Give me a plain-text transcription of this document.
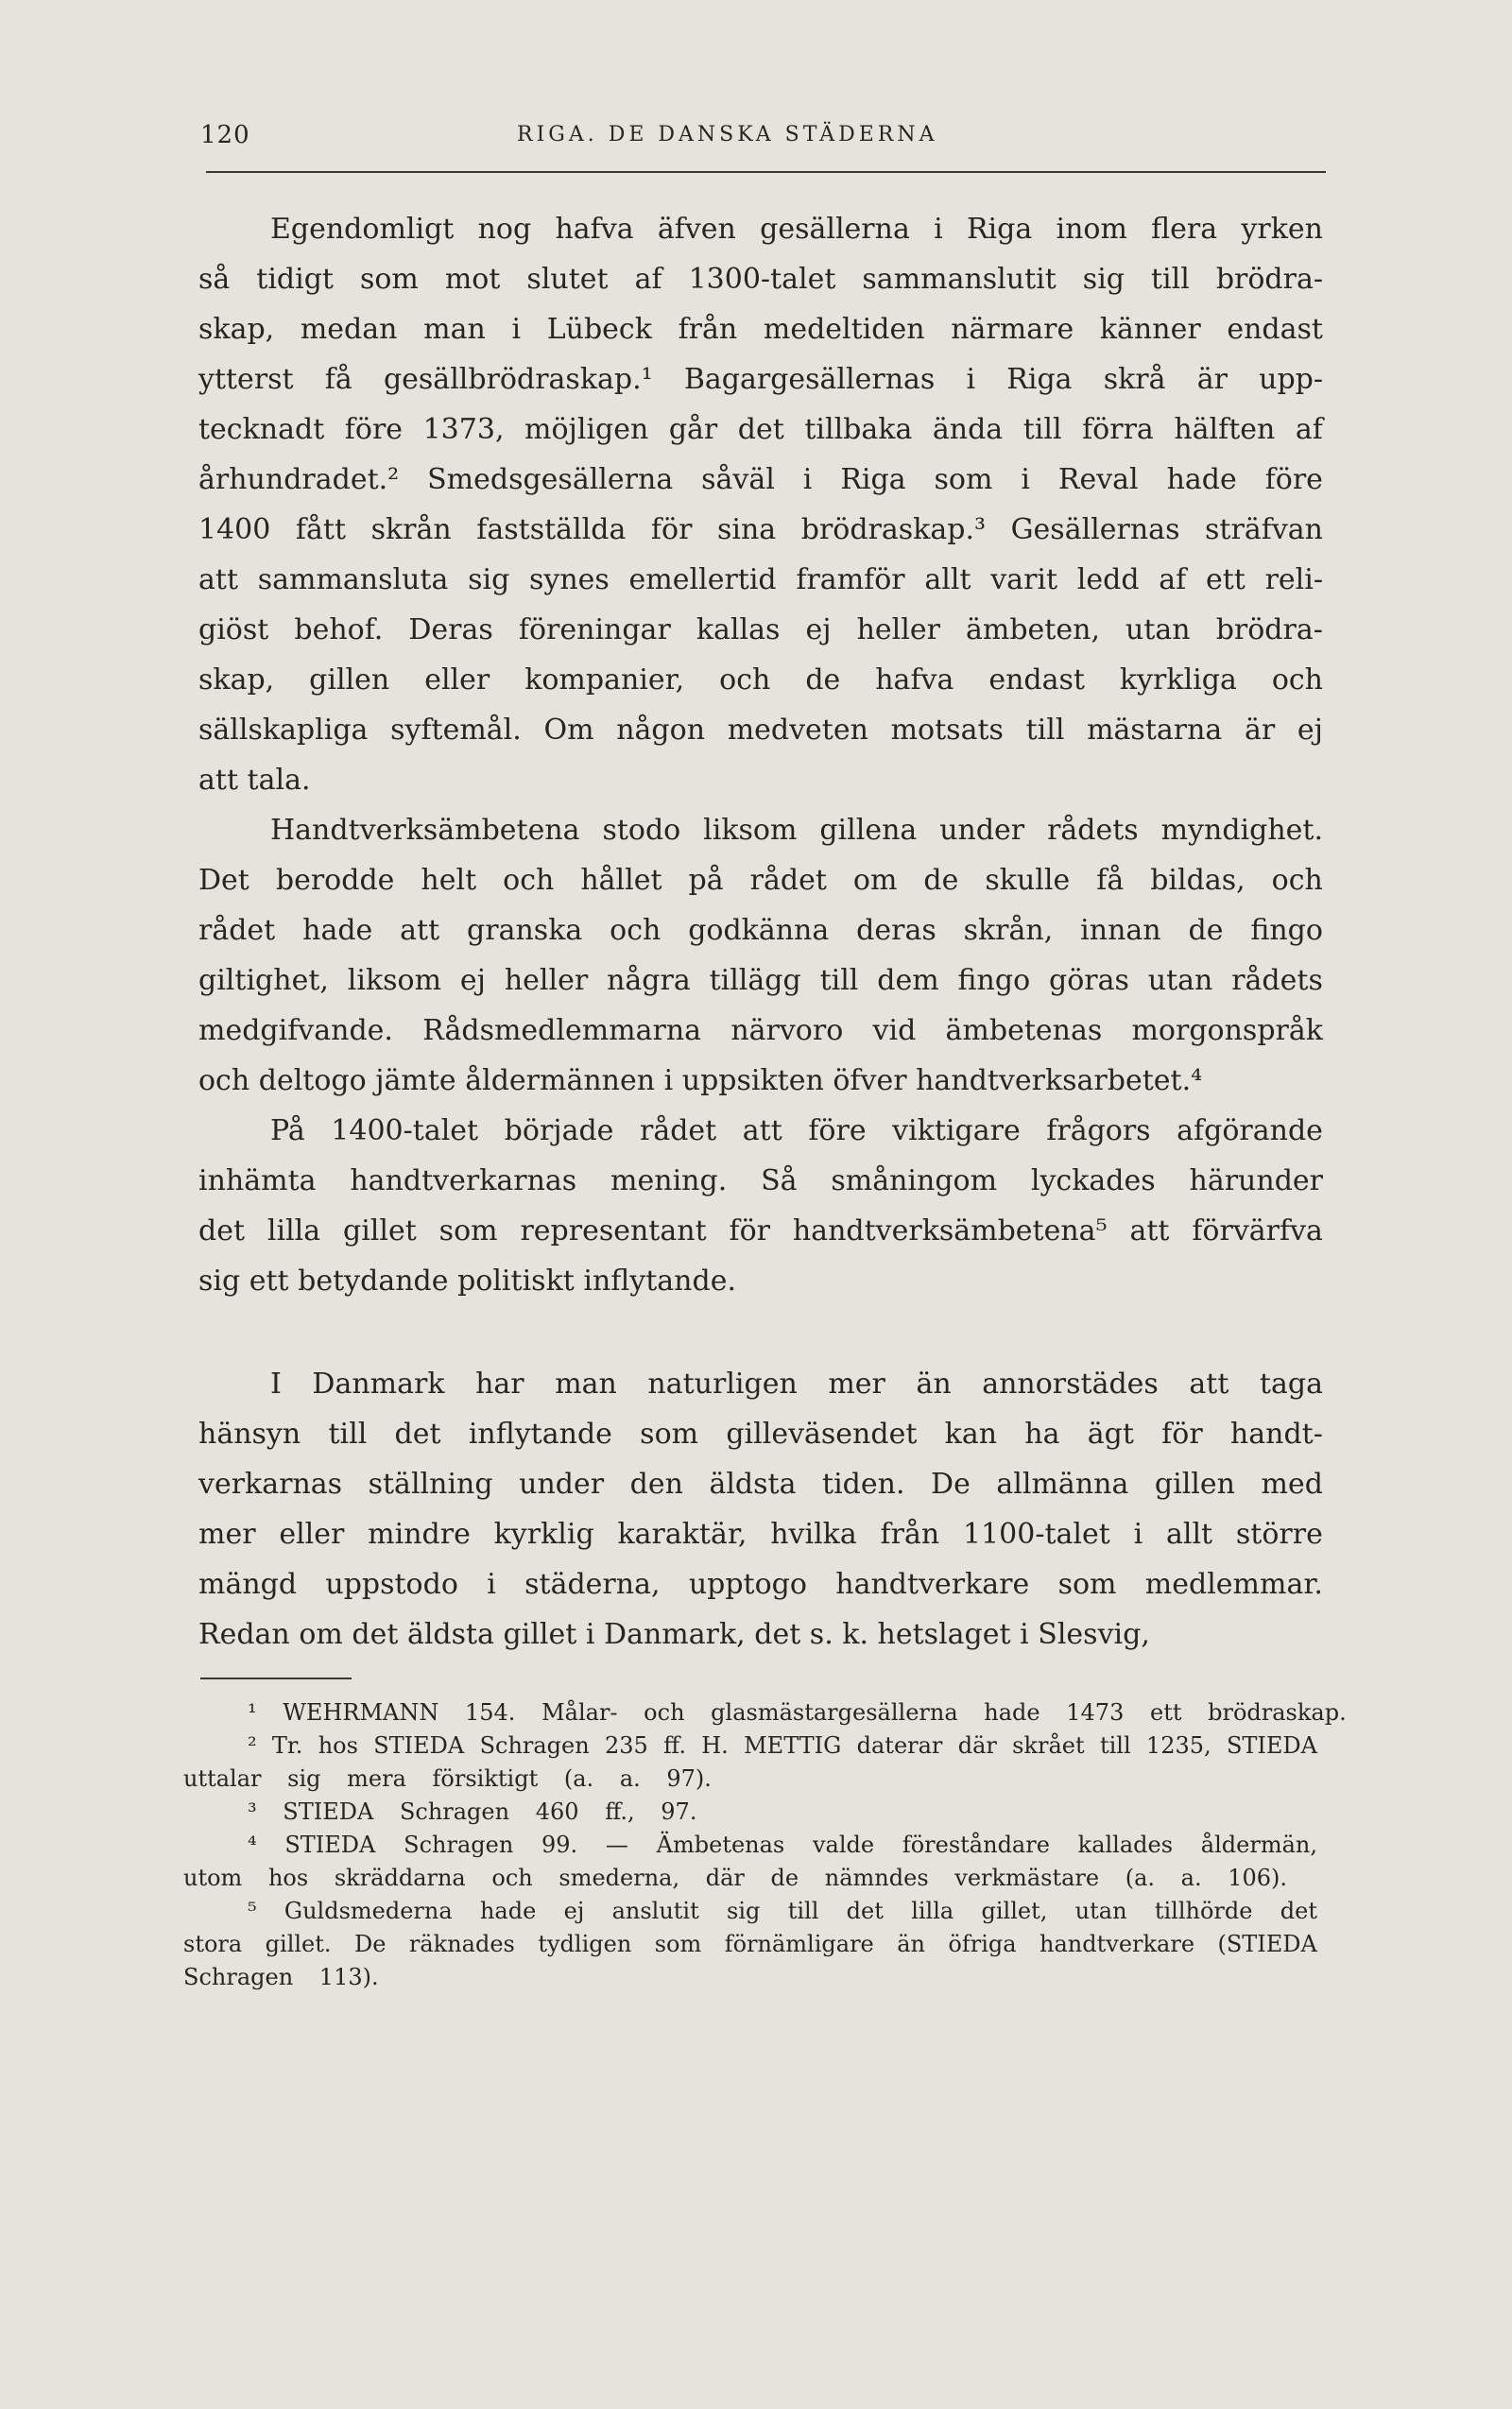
120	RIGA. DE DANSKA STÄDERNA
Egendomligt nog hafva äfven gesällerna i Riga inom flera yrken
så tidigt som mot slutet af 1300-talet sammanslutit sig till brödra-
skap, medan man i Lübeck från medeltiden närmare känner endast
ytterst få gesällbrödraskap.¹ Bagargesällernas i Riga skrå är upp-
tecknadt före 1373, möjligen går det tillbaka ända till förra hälften af
århundradet.² Smedsgesällerna såväl i Riga som i Reval hade före
1400 fått skrån fastställda för sina brödraskap.³ Gesällernas sträfvan
att sammansluta sig synes emellertid framför allt varit ledd af ett reli-
giöst behof. Deras föreningar kallas ej heller ämbeten, utan brödra-
skap, gillen eller kompanier, och de hafva endast kyrkliga och
sällskapliga syftemål. Om någon medveten motsats till mästarna är ej
att
tala.
Handtverksämbetena stodo liksom gillena under rådets myndighet.
Det berodde helt och hållet på rådet om de skulle få bildas, och
rådet hade att granska och godkänna deras skrån, innan de fingo
giltighet, liksom ej heller några tillägg till dem fingo göras utan rådets
medgifvande. Rådsmedlemmarna närvoro vid ämbetenas morgonspråk
och
deltogo
jämte
åldermännen
i
uppsikten
öfver
handtverksarbetet.⁴
På 1400-talet började rådet att före viktigare frågors afgörande
inhämta handtverkarnas mening. Så småningom lyckades härunder
det lilla gillet som representant för handtverksämbetena⁵ att förvärfva
sig
ett
betydande
politiskt
inflytande.
I Danmark har man naturligen mer än annorstädes att taga
hänsyn till det inflytande som gilleväsendet kan ha ägt för handt-
verkarnas ställning under den äldsta tiden. De allmänna gillen med
mer eller mindre kyrklig karaktär, hvilka från 1100-talet i allt större
mängd uppstodo i städerna, upptogo handtverkare som medlemmar.
Redan
om
det
äldsta
gillet
i
Danmark,
det
s.
k.
hetslaget
i
Slesvig,
¹
WEHRMANN
154.
Målar-
och
glasmästargesällerna
hade
1473
ett
brödraskap.
² Tr. hos STIEDA Schragen 235 ff. H. METTIG daterar där skrået till 1235, STIEDA
uttalar
sig
mera
försiktigt
(a.
a.
97).
³
STIEDA
Schragen
460
ff.,
97.
⁴ STIEDA Schragen 99. — Ämbetenas valde föreståndare kallades åldermän,
utom
hos
skräddarna
och
smederna,
där
de
nämndes
verkmästare
(a.
a.
106).
⁵ Guldsmederna hade ej anslutit sig till det lilla gillet, utan tillhörde det
stora gillet. De räknades tydligen som förnämligare än öfriga handtverkare (STIEDA
Schragen
113).
